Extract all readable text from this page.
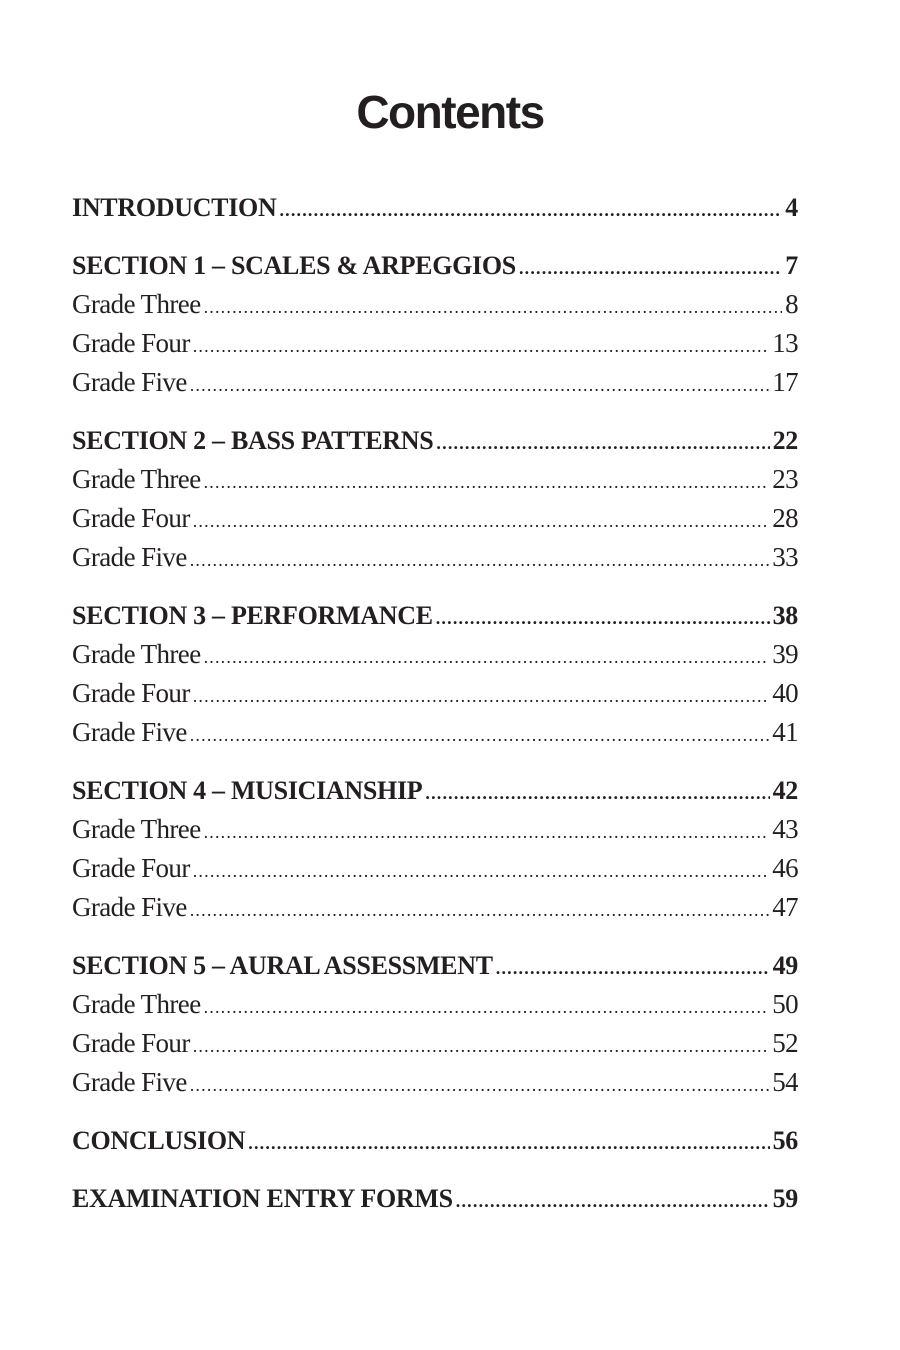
Contents
INTRODUCTION .....	4
SECTION 1 – SCALES & ARPEGGIOS .....	7
Grade Three .....	8
Grade Four .....	13
Grade Five .....	17
SECTION 2 – BASS PATTERNS .....	22
Grade Three .....	23
Grade Four .....	28
Grade Five .....	33
SECTION 3 – PERFORMANCE .....	38
Grade Three .....	39
Grade Four .....	40
Grade Five .....	41
SECTION 4 – MUSICIANSHIP .....	42
Grade Three .....	43
Grade Four .....	46
Grade Five .....	47
SECTION 5 – AURAL ASSESSMENT .....	49
Grade Three .....	50
Grade Four .....	52
Grade Five .....	54
CONCLUSION .....	56
EXAMINATION ENTRY FORMS .....	59
